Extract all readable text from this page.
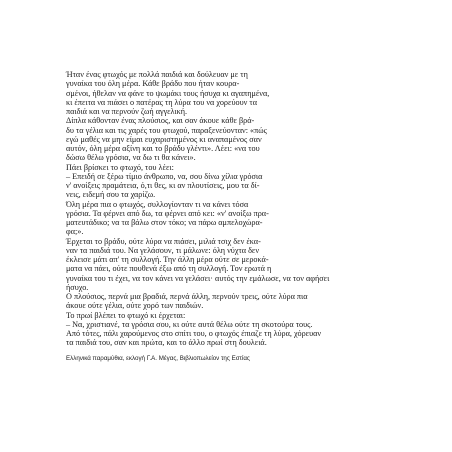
Ήταν ένας φτωχός με πολλά παιδιά και δούλευαν με τη
γυναίκα του όλη μέρα. Κάθε βράδυ που ήταν κουρα-
σμένοι, ήθελαν να φάνε το ψωμάκι τους ήσυχα κι αγαπημένα,
κι έπειτα να πιάσει ο πατέρας τη λύρα του να χορεύουν τα
παιδιά και να περνούν ζωή αγγελική.
Δίπλα κάθονταν ένας πλούσιος, και σαν άκουε κάθε βρά-
δυ τα γέλια και τις χαρές του φτωχού, παραξενεύονταν: «πώς
εγώ μαθές να μην είμαι ευχαριστημένος κι αναπαμένος σαν
αυτόν, όλη μέρα αξίνη και το βράδυ γλέντι». Λέει: «να του
δώσω θέλω γρόσια, να δω τι θα κάνει».
Πάει βρίσκει το φτωχό, του λέει:
– Επειδή σε ξέρω τίμιο άνθρωπο, να, σου δίνω χίλια γρόσια
ν' ανοίξεις πραμάτεια, ό,τι θες, κι αν πλουτίσεις, μου τα δί-
νεις, ειδεμή σου τα χαρίζω.
Όλη μέρα πια ο φτωχός, συλλογίονταν τι να κάνει τόσα
γρόσια. Τα φέρνει από δω, τα φέρνει από κει: «ν' ανοίξω πρα-
ματευτάδικο; να τα βάλω στον τόκο; να πάρω αμπελοχώρα-
φα;».
Έρχεται το βράδυ, ούτε λύρα να πιάσει, μιλιά τσιχ δεν έκα-
ναν τα παιδιά του. Να γελάσουν, τι μάλωνε: όλη νύχτα δεν
έκλεισε μάτι απ' τη συλλογή. Την άλλη μέρα ούτε σε μεροκά-
ματα να πάει, ούτε πουθενά έξω από τη συλλογή. Τον ερωτά η
γυναίκα του τι έχει, να τον κάνει να γελάσει· αυτός την εμάλωσε, να τον αφήσει
ήσυχο.
Ο πλούσιος, περνά μια βραδιά, περνά άλλη, περνούν τρεις, ούτε λύρα πια
άκουε ούτε γέλια, ούτε χορό των παιδιών.
Το πρωί βλέπει το φτωχό κι έρχεται:
– Να, χριστιανέ, τα γρόσια σου, κι ούτε αυτά θέλω ούτε τη σκοτούρα τους.
Από τότες, πάλι χαρούμενος στο σπίτι του, ο φτωχός έπιαζε τη λύρα, χόρευαν
τα παιδιά του, σαν και πρώτα, και το άλλο πρωί στη δουλειά.
Ελληνικά παραμύθια, εκλογή Γ.Α. Μέγας, Βιβλιοπωλείον της Εστίας
